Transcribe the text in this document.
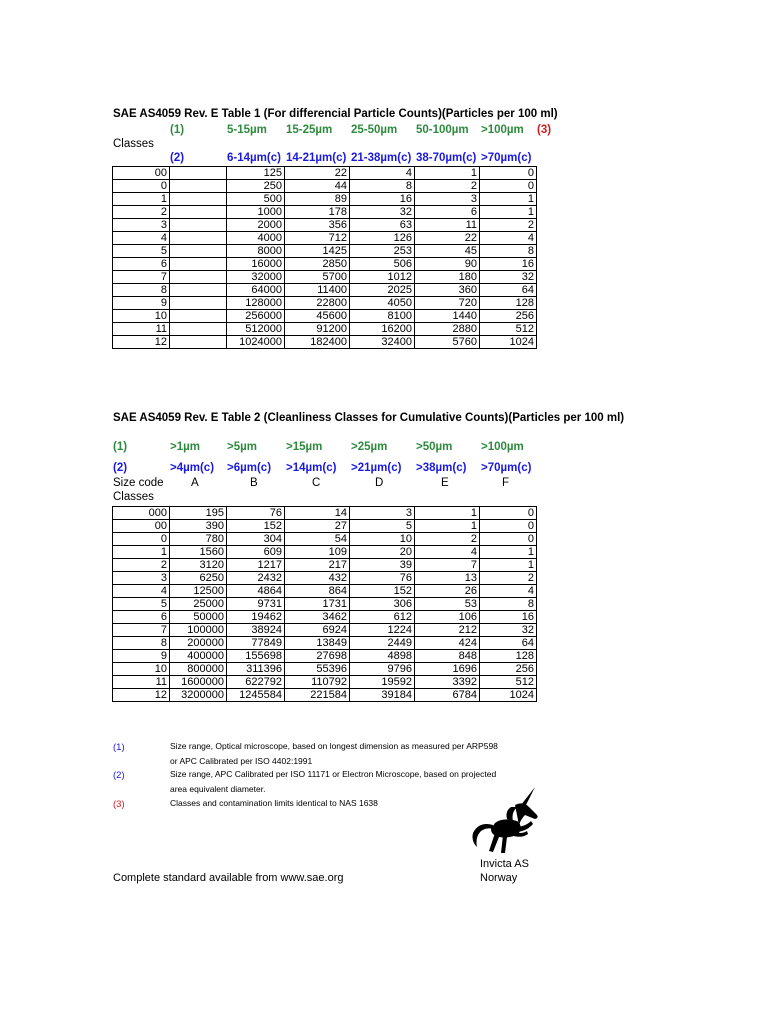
SAE AS4059 Rev. E Table 1 (For differencial Particle Counts)(Particles per 100 ml)
(1)	5-15µm 15-25µm 25-50µm 50-100µm >100µm (3)
Classes
(2)	6-14µm(c) 14-21µm(c) 21-38µm(c) 38-70µm(c) >70µm(c)
00		125	22	4	1	0
0		250	44	8	2	0
1		500	89	16	3	1
2		1000	178	32	6	1
3		2000	356	63	11	2
4		4000	712	126	22	4
5		8000	1425	253	45	8
6		16000	2850	506	90	16
7		32000	5700	1012	180	32
8		64000	11400	2025	360	64
9		128000	22800	4050	720	128
10		256000	45600	8100	1440	256
11		512000	91200	16200	2880	512
12		1024000	182400	32400	5760	1024
SAE AS4059 Rev. E Table 2 (Cleanliness Classes for Cumulative Counts)(Particles per 100 ml)
(1)	>1µm >5µm	>15µm >25µm >50µm >100µm
(2)	>4µm(c) >6µm(c) >14µm(c) >21µm(c) >38µm(c) >70µm(c)
Size code A	B	C	D	E	F
Classes
000	195	76	14	3	1	0
00	390	152	27	5	1	0
0	780	304	54	10	2	0
1	1560	609	109	20	4	1
2	3120	1217	217	39	7	1
3	6250	2432	432	76	13	2
4	12500	4864	864	152	26	4
5	25000	9731	1731	306	53	8
6	50000	19462	3462	612	106	16
7	100000	38924	6924	1224	212	32
8	200000	77849	13849	2449	424	64
9	400000	155698	27698	4898	848	128
10	800000	311396	55396	9796	1696	256
11	1600000	622792	110792	19592	3392	512
12	3200000	1245584	221584	39184	6784	1024
(1)	Size range, Optical microscope, based on longest dimension as measured per ARP598
or APC Calibrated per ISO 4402:1991
(2)	Size range, APC Calibrated per ISO 11171 or Electron Microscope, based on projected
area equivalent diameter.
(3)	Classes and contamination limits identical to NAS 1638
Invicta AS
Norway
Complete standard available from www.sae.org
